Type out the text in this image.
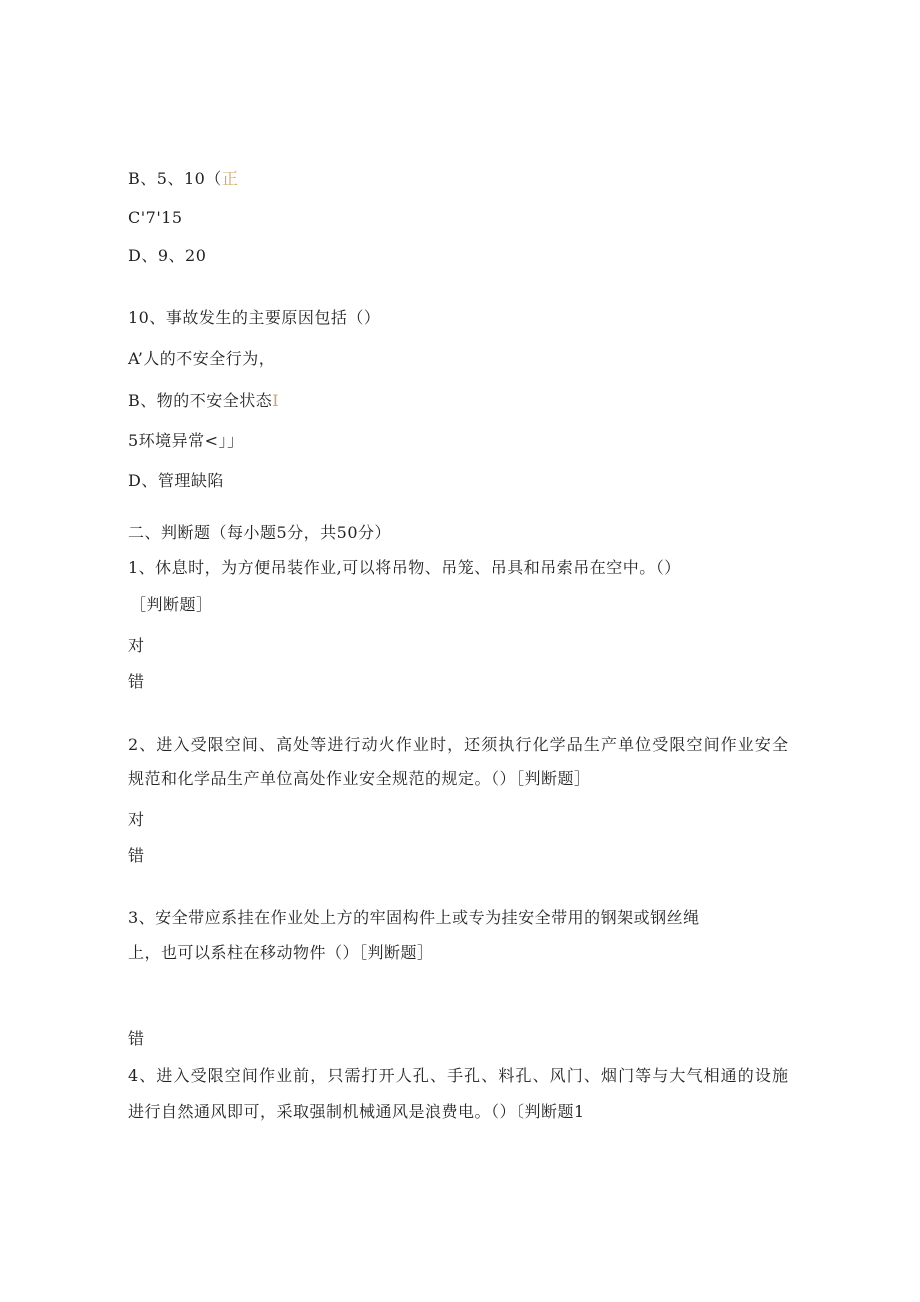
B、5、10（正
C'7'15
D、9、20
10、事故发生的主要原因包括（）
A’人的不安全行为，
B、物的不安全状态I
5环境异常<」」
D、管理缺陷
二、判断题（每小题5分，共50分）
1、休息时，为方便吊装作业,可以将吊物、吊笼、吊具和吊索吊在空中。（）
［判断题］
对
错
2、进入受限空间、高处等进行动火作业时，还须执行化学品生产单位受限空间作业安全
规范和化学品生产单位高处作业安全规范的规定。（）［判断题］
对
错
3、安全带应系挂在作业处上方的牢固构件上或专为挂安全带用的钢架或钢丝绳
上，也可以系柱在移动物件（）［判断题］
错
4、进入受限空间作业前，只需打开人孔、手孔、料孔、风门、烟门等与大气相通的设施
进行自然通风即可，采取强制机械通风是浪费电。（）〔判断题1
